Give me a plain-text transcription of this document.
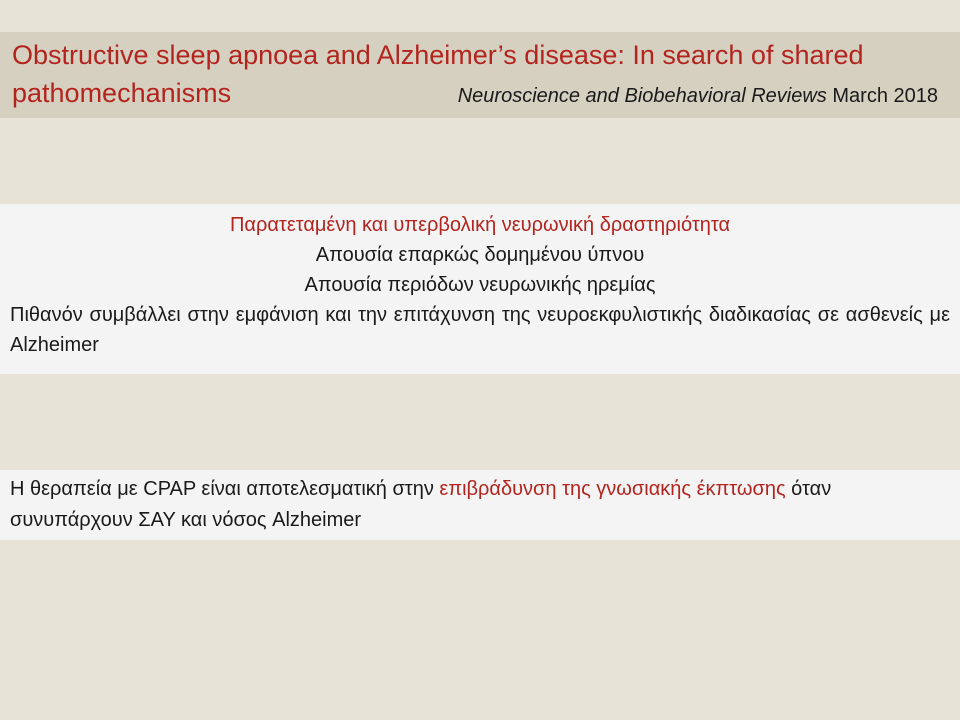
Obstructive sleep apnoea and Alzheimer’s disease: In search of shared
pathomechanisms	Neuroscience and Biobehavioral Reviews March 2018
Παρατεταμένη και υπερβολική νευρωνική δραστηριότητα
Απουσία επαρκώς δομημένου ύπνου
Απουσία περιόδων νευρωνικής ηρεμίας
Πιθανόν συμβάλλει στην εμφάνιση και την επιτάχυνση της νευροεκφυλιστικής διαδικασίας σε ασθενείς με Alzheimer
Η θεραπεία με CPAP είναι αποτελεσματική στην επιβράδυνση της γνωσιακής έκπτωσης όταν συνυπάρχουν ΣΑΥ και νόσος Alzheimer
